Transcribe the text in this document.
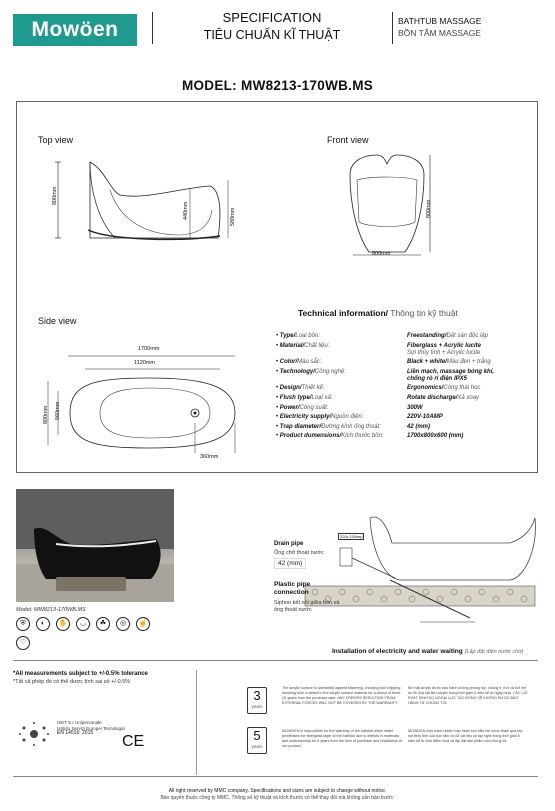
Mowöen
SPECIFICATION
TIÊU CHUẨN KĨ THUẬT
BATHTUB MASSAGE
BỒN TẮM MASSAGE
MODEL: MW8213-170WB.MS
Top view	Front view
Side view
800mm
440mm	580mm
800mm
800mm
1700mm
1120mm
800mm 560mm
360mm
Technical information/ Thông tin kỹ thuật
• Type/Loại bồn:	Freestanding/Đặt sàn độc lập
• Material/Chất liệu:	Fiberglass + Acrylic lucite
Sợi thủy tinh + Acrylic lucite
• Color/Màu sắc:	Black + white/Màu đen + trắng
• Technology/Công nghệ:	Liền mạch, massage bóng khí,
chống rò rỉ điện IPX5
• Design/Thiết kế:	Ergonomics/Công thái học
• Flush type/Loại xả:	Rotate discharge/Xả xoay
• Power/Công suất:	300W
• Electricity supply/Nguồn điện:	220V-10AMP
• Trap diameter/Đường kính ống thoát:	42 (mm)
• Product dumensions/Kích thước bồn:	1700x800x600 (mm)
Model: MW8213-170WB.MS
⛨	◐	✋	◡	☘	◎	☝
♡
220v 10Amp
Drain pipe
Ống chờ thoát nước
42 (mm)
Plastic pipe connection
Siphon kết nối giữa bồn và ống thoát nước
Installation of electricity and water waiting (Lắp đặt điện nước chờ)
*All measurements subject to +/-0.5% tolerance
*Tất cả phép đo có thể được tính sai số +/-0.5%
ISET S.r Unipersonale
Istituto Servizi Europei Tecnologici
EN 14516: 2015	CE
3
years
The acrylic surface is warranted against blistering, cracking and chipping resulting from a defect in the acrylic surface material for a period of three (3) years from the purchase date. ANY ERRORS RESULTING FROM EXTERNAL FORCES WILL NOT BE COVERED BY THE WARRANTY.
Bề mặt acrylic được bảo hành chống phồng rộp, chống ẻ, nứt và sứt mẻ do lỗi của vật liệu acrylic trong thời gian 3 năm kể từ ngày mua. CÁC LỖI PHÁT SINH DO NGOẠI LỰC TÁC ĐỘNG SẼ KHÔNG ĐƯỢC BẢO HÀNH TỪ CHÚNG TÔI.
5
years
MOWOEN is responsible for the warranty of the bathtub when water penetrates the fiberglass layer of the bathtub due to defects in materials and workmanship for 5 years from the time of purchase and installation of our product.
MOWOEN chịu trách nhiệm bảo hành bồn tắm khi nước thấm qua lớp sợi thủy tinh của bồn tắm do lỗi vật liệu và tay nghề trong thời gian 5 năm kể từ thời điểm mua và lắp đặt sản phẩm của chúng tôi.
All right reserved by MMC company. Specifications and sizes are subject to change without notice.
Bản quyền thuộc công ty MMC. Thông số kỹ thuật và kích thước có thể thay đổi mà không cần báo trước.
